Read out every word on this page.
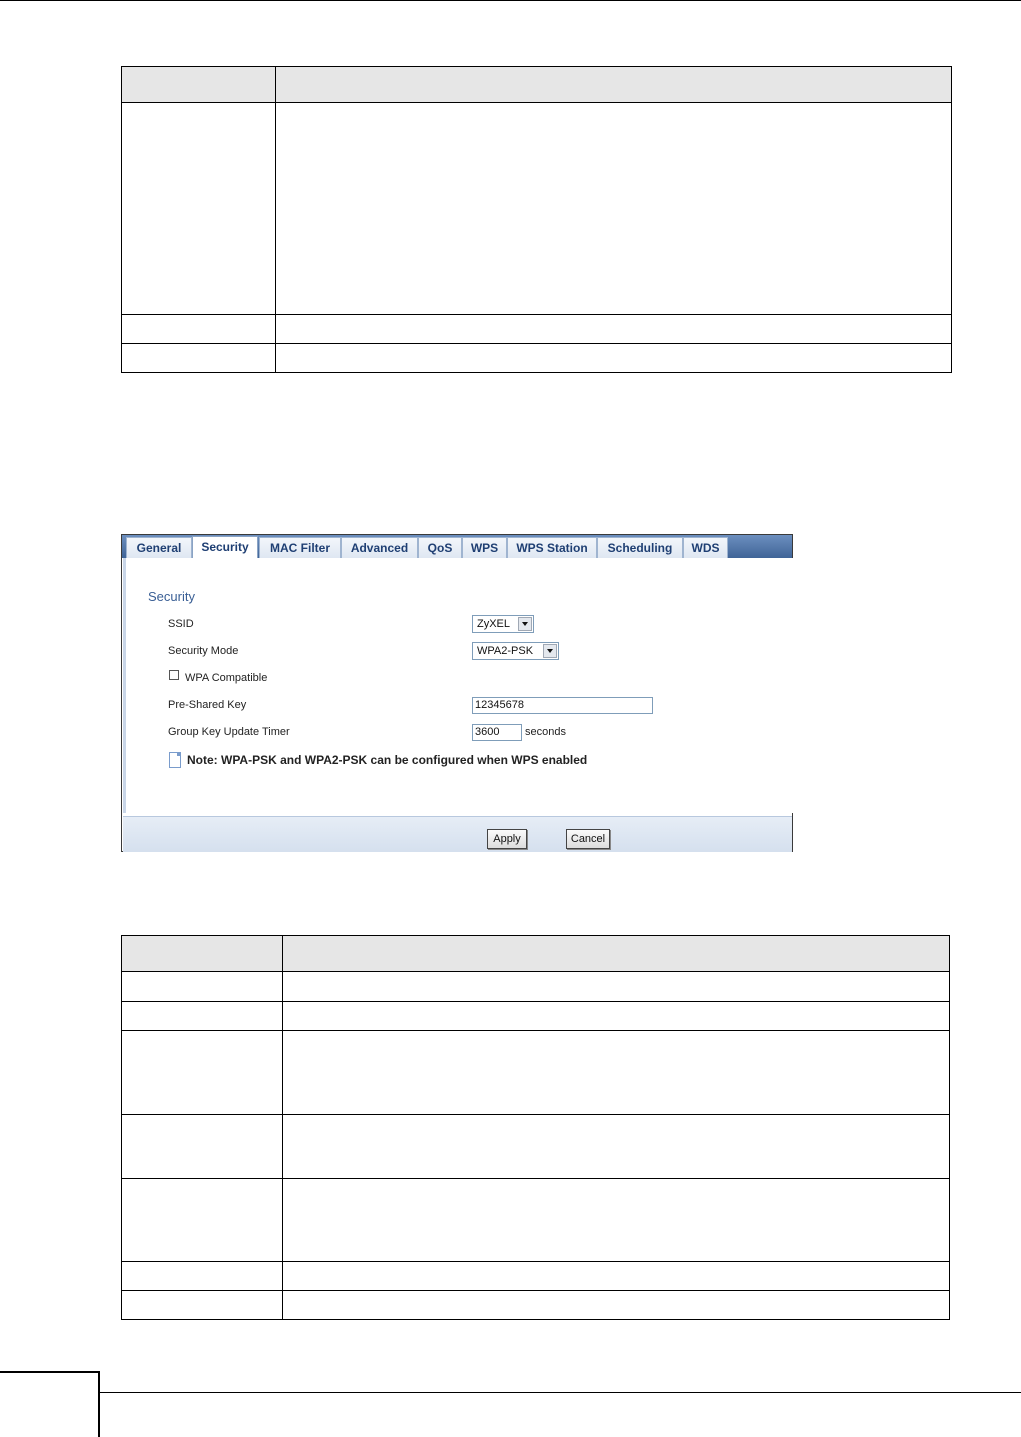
General	Security	MAC Filter	Advanced	QoS	WPS	WPS Station	Scheduling	WDS
Security
SSID	ZyXEL
Security Mode	WPA2-PSK
WPA Compatible
Pre-Shared Key	12345678
Group Key Update Timer	3600	seconds
Note: WPA-PSK and WPA2-PSK can be configured when WPS enabled
Apply	Cancel
